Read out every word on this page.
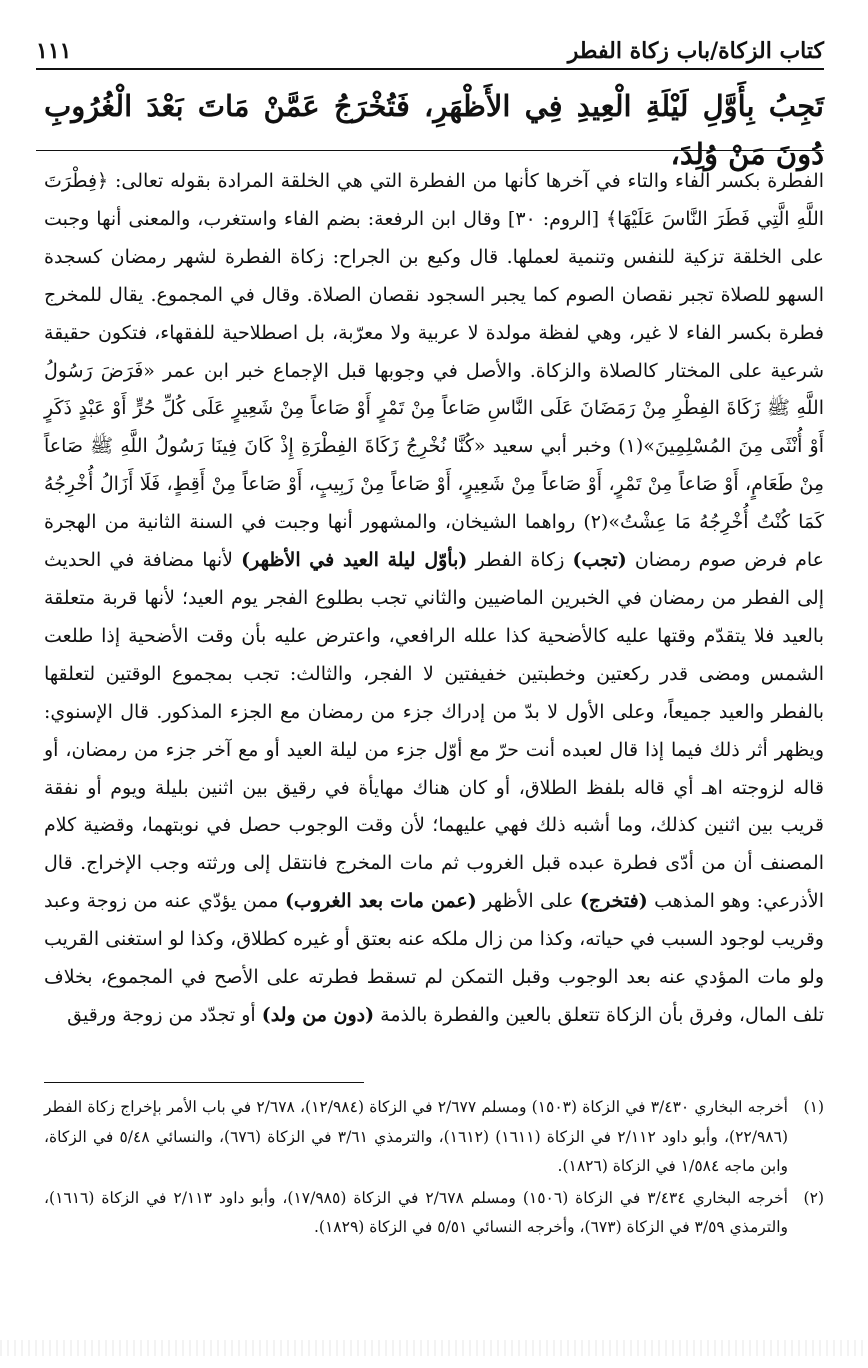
كتاب الزكاة/باب زكاة الفطر
١١١
تَجِبُ بِأَوَّلِ لَيْلَةِ الْعِيدِ فِي الأَظْهَرِ، فَتُخْرَجُ عَمَّنْ مَاتَ بَعْدَ الْغُرُوبِ دُونَ مَنْ وُلِدَ،

الفطرة بكسر الفاء والتاء في آخرها كأنها من الفطرة التي هي الخلقة المرادة بقوله تعالى: ﴿فِطْرَتَ اللَّهِ الَّتِي فَطَرَ النَّاسَ عَلَيْهَا﴾ [الروم: ٣٠] وقال ابن الرفعة: بضم الفاء واستغرب، والمعنى أنها وجبت على الخلقة تزكية للنفس وتنمية لعملها. قال وكيع بن الجراح: زكاة الفطرة لشهر رمضان كسجدة السهو للصلاة تجبر نقصان الصوم كما يجبر السجود نقصان الصلاة. وقال في المجموع. يقال للمخرج فطرة بكسر الفاء لا غير، وهي لفظة مولدة لا عربية ولا معرّبة، بل اصطلاحية للفقهاء، فتكون حقيقة شرعية على المختار كالصلاة والزكاة. والأصل في وجوبها قبل الإجماع خبر ابن عمر «فَرَضَ رَسُولُ اللَّهِ ﷺ زَكَاةَ الفِطْرِ مِنْ رَمَضَانَ عَلَى النَّاسِ صَاعاً مِنْ تَمْرٍ أَوْ صَاعاً مِنْ شَعِيرٍ عَلَى كُلِّ حُرٍّ أَوْ عَبْدٍ ذَكَرٍ أَوْ أُنْثَى مِنَ المُسْلِمِينَ»(١) وخبر أبي سعيد «كُنَّا نُخْرِجُ زَكَاةَ الفِطْرَةِ إِذْ كَانَ فِينَا رَسُولُ اللَّهِ ﷺ صَاعاً مِنْ طَعَامٍ، أَوْ صَاعاً مِنْ تَمْرٍ، أَوْ صَاعاً مِنْ شَعِيرٍ، أَوْ صَاعاً مِنْ زَبِيبٍ، أَوْ صَاعاً مِنْ أَقِطٍ، فَلَا أَزَالُ أُخْرِجُهُ كَمَا كُنْتُ أُخْرِجُهُ مَا عِشْتُ»(٢) رواهما الشيخان، والمشهور أنها وجبت في السنة الثانية من الهجرة عام فرض صوم رمضان (تجب) زكاة الفطر (بأوّل ليلة العيد في الأظهر) لأنها مضافة في الحديث إلى الفطر من رمضان في الخبرين الماضيين والثاني تجب بطلوع الفجر يوم العيد؛ لأنها قربة متعلقة بالعيد فلا يتقدّم وقتها عليه كالأضحية كذا علله الرافعي، واعترض عليه بأن وقت الأضحية إذا طلعت الشمس ومضى قدر ركعتين وخطبتين خفيفتين لا الفجر، والثالث: تجب بمجموع الوقتين لتعلقها بالفطر والعيد جميعاً، وعلى الأول لا بدّ من إدراك جزء من رمضان مع الجزء المذكور. قال الإسنوي: ويظهر أثر ذلك فيما إذا قال لعبده أنت حرّ مع أوّل جزء من ليلة العيد أو مع آخر جزء من رمضان، أو قاله لزوجته اهـ أي قاله بلفظ الطلاق، أو كان هناك مهايأة في رقيق بين اثنين بليلة ويوم أو نفقة قريب بين اثنين كذلك، وما أشبه ذلك فهي عليهما؛ لأن وقت الوجوب حصل في نوبتهما، وقضية كلام المصنف أن من أدّى فطرة عبده قبل الغروب ثم مات المخرج فانتقل إلى ورثته وجب الإخراج. قال الأذرعي: وهو المذهب (فتخرج) على الأظهر (عمن مات بعد الغروب) ممن يؤدّي عنه من زوجة وعبد وقريب لوجود السبب في حياته، وكذا من زال ملكه عنه بعتق أو غيره كطلاق، وكذا لو استغنى القريب ولو مات المؤدي عنه بعد الوجوب وقبل التمكن لم تسقط فطرته على الأصح في المجموع، بخلاف تلف المال، وفرق بأن الزكاة تتعلق بالعين والفطرة بالذمة (دون من ولد) أو تجدّد من زوجة ورقيق

(١)
أخرجه البخاري ٣/٤٣٠ في الزكاة (١٥٠٣) ومسلم ٢/٦٧٧ في الزكاة (١٢/٩٨٤)، ٢/٦٧٨ في باب الأمر بإخراج زكاة الفطر (٢٢/٩٨٦)، وأبو داود ٢/١١٢ في الزكاة (١٦١١) (١٦١٢)، والترمذي ٣/٦١ في الزكاة (٦٧٦)، والنسائي ٥/٤٨ في الزكاة، وابن ماجه ١/٥٨٤ في الزكاة (١٨٢٦).
(٢)
أخرجه البخاري ٣/٤٣٤ في الزكاة (١٥٠٦) ومسلم ٢/٦٧٨ في الزكاة (١٧/٩٨٥)، وأبو داود ٢/١١٣ في الزكاة (١٦١٦)، والترمذي ٣/٥٩ في الزكاة (٦٧٣)، وأخرجه النسائي ٥/٥١ في الزكاة (١٨٢٩).
